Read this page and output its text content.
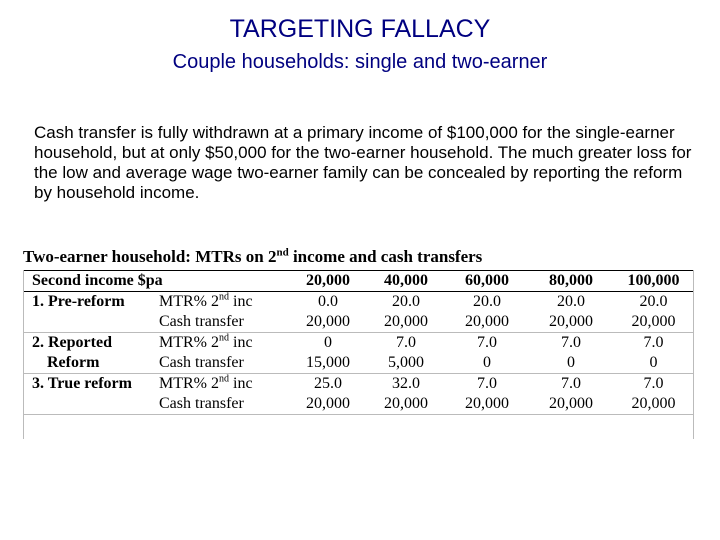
TARGETING FALLACY
Couple households: single and two-earner
Cash transfer is fully withdrawn at a primary income of $100,000 for the single-earner household, but at only $50,000 for the two-earner household. The much greater loss for the low and average wage two-earner family can be concealed by reporting the reform by household income.
Two-earner household: MTRs on 2nd income and cash transfers
Second income $pa		20,000	40,000	60,000	80,000	100,000
1. Pre-reform	MTR% 2nd inc	0.0	20.0	20.0	20.0	20.0
	Cash transfer	20,000	20,000	20,000	20,000	20,000
2. Reported	MTR% 2nd inc	0	7.0	7.0	7.0	7.0
Reform	Cash transfer	15,000	5,000	0	0	0
3. True reform	MTR% 2nd inc	25.0	32.0	7.0	7.0	7.0
	Cash transfer	20,000	20,000	20,000	20,000	20,000
